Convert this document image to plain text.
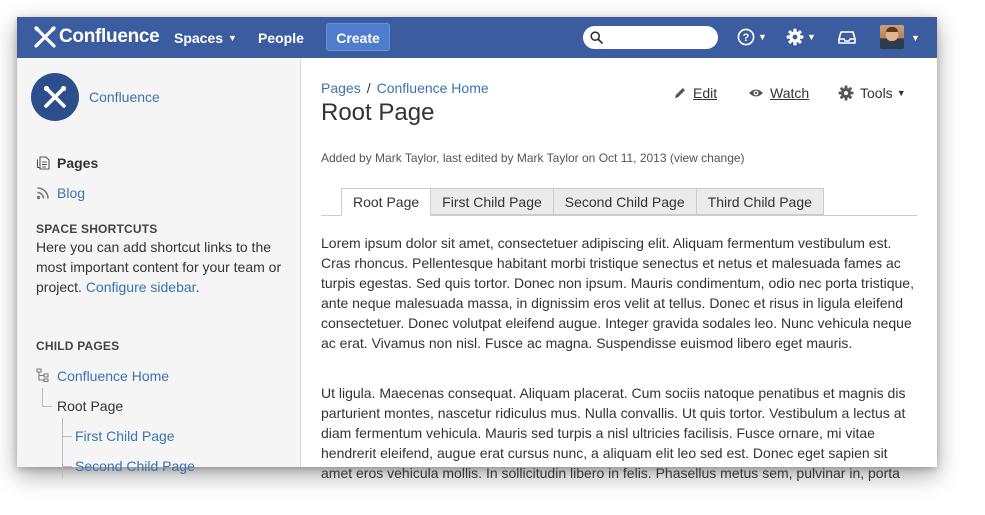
Confluence Spaces ▼ People	Create	? ▼	▼	▼
Confluence
Pages
Blog
SPACE SHORTCUTS
Here you can add shortcut links to the most important content for your team or project. Configure sidebar.
CHILD PAGES
Confluence Home
Root Page
First Child Page
Second Child Page
Pages / Confluence Home
Root Page
Edit	Watch	Tools ▼
Added by Mark Taylor, last edited by Mark Taylor on Oct 11, 2013 (view change)
Root Page	First Child Page	Second Child Page	Third Child Page
Lorem ipsum dolor sit amet, consectetuer adipiscing elit. Aliquam fermentum vestibulum est. Cras rhoncus. Pellentesque habitant morbi tristique senectus et netus et malesuada fames ac turpis egestas. Sed quis tortor. Donec non ipsum. Mauris condimentum, odio nec porta tristique, ante neque malesuada massa, in dignissim eros velit at tellus. Donec et risus in ligula eleifend consectetuer. Donec volutpat eleifend augue. Integer gravida sodales leo. Nunc vehicula neque ac erat. Vivamus non nisl. Fusce ac magna. Suspendisse euismod libero eget mauris.
Ut ligula. Maecenas consequat. Aliquam placerat. Cum sociis natoque penatibus et magnis dis parturient montes, nascetur ridiculus mus. Nulla convallis. Ut quis tortor. Vestibulum a lectus at diam fermentum vehicula. Mauris sed turpis a nisl ultricies facilisis. Fusce ornare, mi vitae hendrerit eleifend, augue erat cursus nunc, a aliquam elit leo sed est. Donec eget sapien sit amet eros vehicula mollis. In sollicitudin libero in felis. Phasellus metus sem, pulvinar in, porta
